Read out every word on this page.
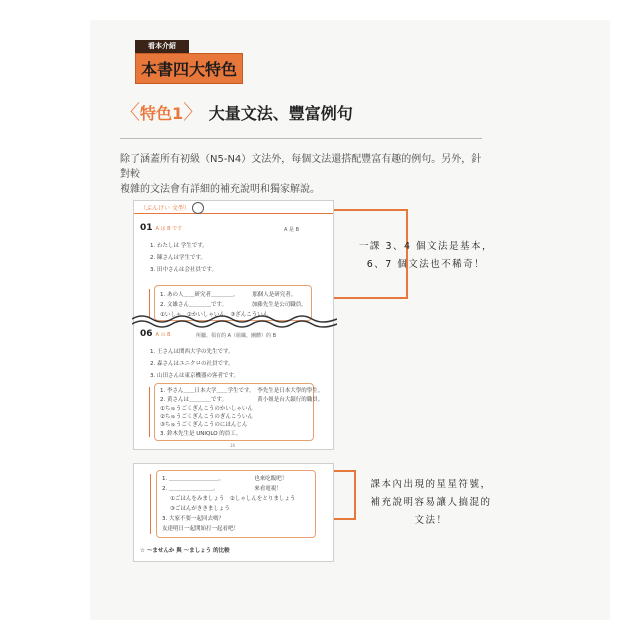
看本介紹
本書四大特色
〈特色1〉 大量文法、豐富例句
除了涵蓋所有初級（N5-N4）文法外，每個文法還搭配豐富有趣的例句。另外，針對較
複雜的文法會有詳細的補充說明和獨家解說。
（ぶんけい 文型）
01 A は B です	A 是 B
1. わたしは 学生です。
2. 陳さんは学生です。
3. 田中さんは会社員です。
1. あの人＿＿研究者＿＿＿＿。　　　那個人是研究者。
2. 文雄さん＿＿＿＿です。　　　　　加藤先生是公司職員。
①いしゃ　②かいしゃいん　③ざんこういん
06 A の B	所屬、領有的 A（組織、團體）的 B
1. 王さんは関西大学の先生です。
2. 森さんはユニクロの社員です。
3. 山田さんは東京機器の客者です。
1. 李さん＿＿日本大学＿＿学生です。　李先生是日本大學的學生。
2. 黄さんは＿＿＿＿です。　　　　　　黄小姐是台大銀行的職員。
①ちゅうごくぎんこうのかいしゃいん
②ちゅうごくぎんこうのぎんこういん
③ちゅうごくぎんこうのにほんじん
3. 鈴木先生是 UNIQLO 的員工。
16
一課 3、4 個文法是基本，
6、7 個文法也不稀奇！
1. ＿＿＿＿＿＿＿＿＿。　　　　　　也來吃飯吧！
2. ＿＿＿＿＿＿＿＿。　　　　　　　來看電視！
①ごはんをみましょう　②しゃしんをとりましょう
③ごはんがききましょう
3. 大家不要一起回去嗎？
友達明日一起開始打一起看吧！
☆ ～ませんか 與 ～ましょう 的比較
課本內出現的星星符號，
補充說明容易讓人搞混的文法！
